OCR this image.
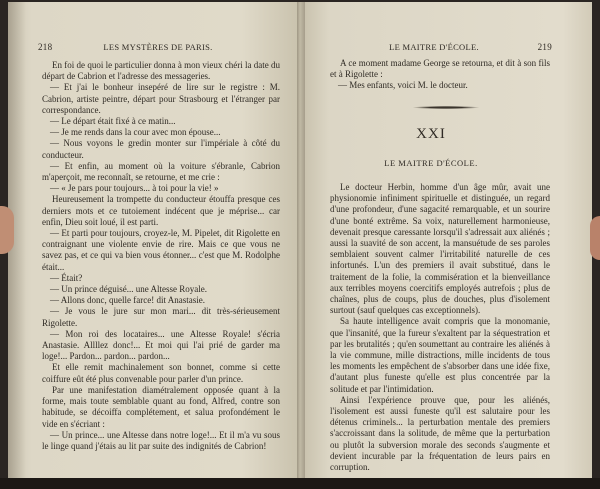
218	LES MYSTÈRES DE PARIS.

En foi de quoi le particulier donna à mon vieux chéri la date du départ de Cabrion et l'adresse des messageries.

— Et j'ai le bonheur insepéré de lire sur le registre : M. Cabrion, artiste peintre, départ pour Strasbourg et l'étranger par correspondance.

— Le départ était fixé à ce matin...

— Je me rends dans la cour avec mon épouse...

— Nous voyons le gredin monter sur l'impériale à côté du conducteur.

— Et enfin, au moment où la voiture s'ébranle, Cabrion m'aperçoit, me reconnaît, se retourne, et me crie :

— « Je pars pour toujours... à toi pour la vie! »

Heureusement la trompette du conducteur étouffa presque ces derniers mots et ce tutoiement indécent que je méprise... car enfin, Dieu soit loué, il est parti.

— Et parti pour toujours, croyez-le, M. Pipelet, dit Rigolette en contraignant une violente envie de rire. Mais ce que vous ne savez pas, et ce qui va bien vous étonner... c'est que M. Rodolphe était...

— Était?

— Un prince déguisé... une Altesse Royale.

— Allons donc, quelle farce! dit Anastasie.

— Je vous le jure sur mon mari... dit très-sérieusement Rigolette.

— Mon roi des locataires... une Altesse Royale! s'écria Anastasie. Allllez donc!... Et moi qui l'ai prié de garder ma loge!... Pardon... pardon... pardon...

Et elle remit machinalement son bonnet, comme si cette coiffure eût été plus convenable pour parler d'un prince.

Par une manifestation diamétralement opposée quant à la forme, mais toute semblable quant au fond, Alfred, contre son habitude, se décoiffa complétement, et salua profondément le vide en s'écriant :

— Un prince... une Altesse dans notre loge!... Et il m'a vu sous le linge quand j'étais au lit par suite des indignités de Cabrion!

LE MAITRE D'ÉCOLE.	219

A ce moment madame George se retourna, et dit à son fils et à Rigolette :

— Mes enfants, voici M. le docteur.

XXI
LE MAITRE D'ÉCOLE.

Le docteur Herbin, homme d'un âge mûr, avait une physionomie infiniment spirituelle et distinguée, un regard d'une profondeur, d'une sagacité remarquable, et un sourire d'une bonté extrême. Sa voix, naturellement harmonieuse, devenait presque caressante lorsqu'il s'adressait aux aliénés ; aussi la suavité de son accent, la mansuétude de ses paroles semblaient souvent calmer l'irritabilité naturelle de ces infortunés. L'un des premiers il avait substitué, dans le traitement de la folie, la commisération et la bienveillance aux terribles moyens coercitifs employés autrefois ; plus de chaînes, plus de coups, plus de douches, plus d'isolement surtout (sauf quelques cas exceptionnels).

Sa haute intelligence avait compris que la monomanie, que l'insanité, que la fureur s'exaltent par la séquestration et par les brutalités ; qu'en soumettant au contraire les aliénés à la vie commune, mille distractions, mille incidents de tous les moments les empêchent de s'absorber dans une idée fixe, d'autant plus funeste qu'elle est plus concentrée par la solitude et par l'intimidation.

Ainsi l'expérience prouve que, pour les aliénés, l'isolement est aussi funeste qu'il est salutaire pour les détenus criminels... la perturbation mentale des premiers s'accroissant dans la solitude, de même que la perturbation ou plutôt la subversion morale des seconds s'augmente et devient incurable par la fréquentation de leurs pairs en corruption.
